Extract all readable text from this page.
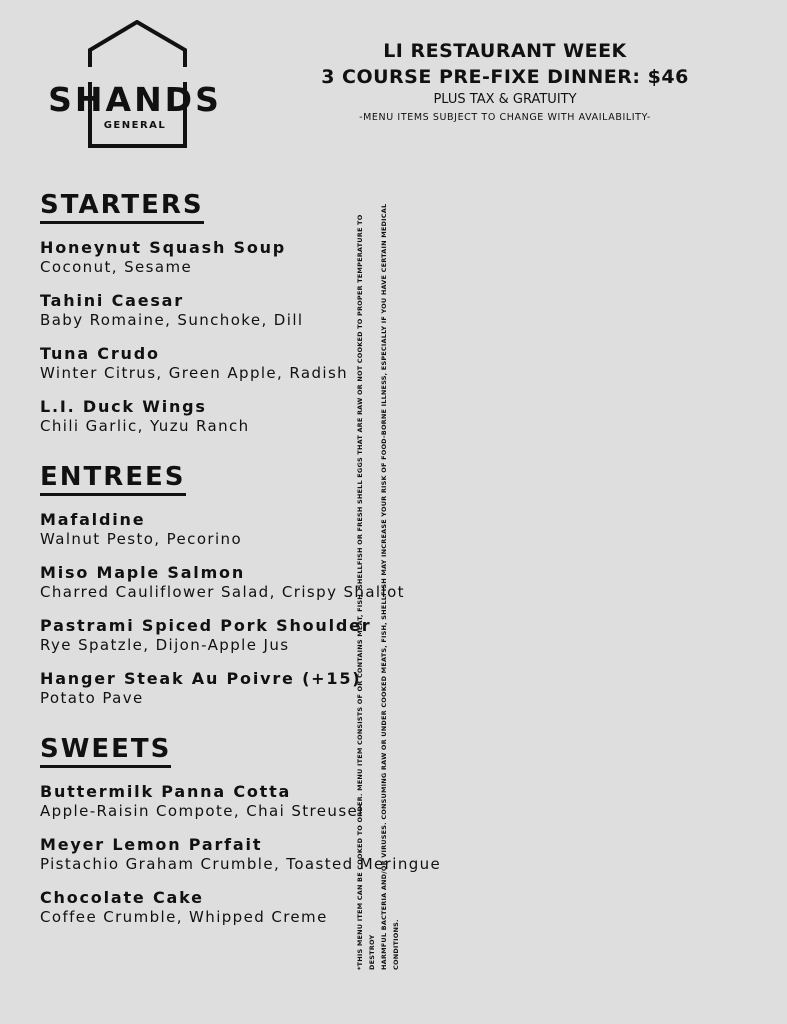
SHANDS
GENERAL
LI RESTAURANT WEEK
3 COURSE PRE-FIXE DINNER: $46
PLUS TAX & GRATUITY
-MENU ITEMS SUBJECT TO CHANGE WITH AVAILABILITY-
STARTERS
Honeynut Squash Soup
Coconut, Sesame
Tahini Caesar
Baby Romaine, Sunchoke, Dill
Tuna Crudo
Winter Citrus, Green Apple, Radish
L.I. Duck Wings
Chili Garlic, Yuzu Ranch
ENTREES
Mafaldine
Walnut Pesto, Pecorino
Miso Maple Salmon
Charred Cauliflower Salad, Crispy Shallot
Pastrami Spiced Pork Shoulder
Rye Spatzle, Dijon-Apple Jus
Hanger Steak Au Poivre (+15)
Potato Pave
SWEETS
Buttermilk Panna Cotta
Apple-Raisin Compote, Chai Streusel
Meyer Lemon Parfait
Pistachio Graham Crumble, Toasted Meringue
Chocolate Cake
Coffee Crumble, Whipped Creme	*THIS MENU ITEM CAN BE COOKED TO ORDER. MENU ITEM CONSISTS OF OR CONTAINS MEAT, FISH, SHELLFISH OR FRESH SHELL EGGS THAT ARE RAW OR NOT COOKED TO PROPER TEMPERATURE TO DESTROY HARMFUL BACTERIA AND/OR VIRUSES. CONSUMING RAW OR UNDER COOKED MEATS, FISH, SHELLFISH MAY INCREASE YOUR RISK OF FOOD-BORNE ILLNESS, ESPECIALLY IF YOU HAVE CERTAIN MEDICAL CONDITIONS.
